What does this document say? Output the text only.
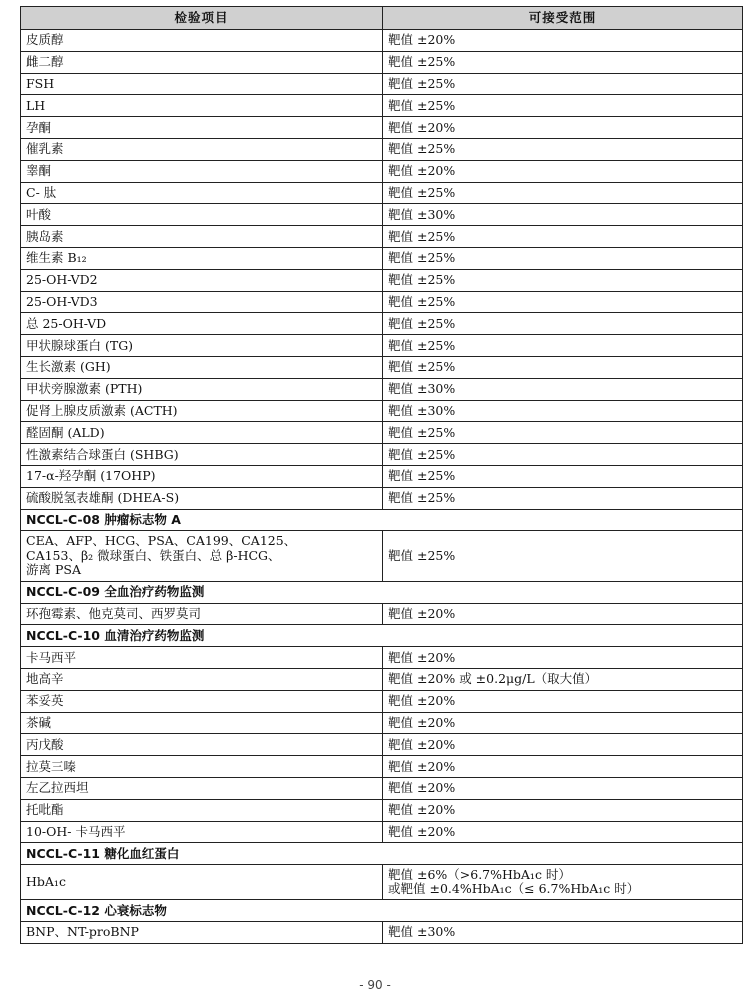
检验项目	可接受范围
皮质醇	靶值 ±20%
雌二醇	靶值 ±25%
FSH	靶值 ±25%
LH	靶值 ±25%
孕酮	靶值 ±20%
催乳素	靶值 ±25%
睾酮	靶值 ±20%
C- 肽	靶值 ±25%
叶酸	靶值 ±30%
胰岛素	靶值 ±25%
维生素 B₁₂	靶值 ±25%
25-OH-VD2	靶值 ±25%
25-OH-VD3	靶值 ±25%
总 25-OH-VD	靶值 ±25%
甲状腺球蛋白 (TG)	靶值 ±25%
生长激素 (GH)	靶值 ±25%
甲状旁腺激素 (PTH)	靶值 ±30%
促肾上腺皮质激素 (ACTH)	靶值 ±30%
醛固酮 (ALD)	靶值 ±25%
性激素结合球蛋白 (SHBG)	靶值 ±25%
17-α-羟孕酮 (17OHP)	靶值 ±25%
硫酸脱氢表雄酮 (DHEA-S)	靶值 ±25%
NCCL-C-08 肿瘤标志物 A	

CEA、AFP、HCG、PSA、CA199、CA125、
CA153、β₂ 微球蛋白、铁蛋白、总 β-HCG、
游离 PSA	靶值 ±25%
NCCL-C-09 全血治疗药物监测	
环孢霉素、他克莫司、西罗莫司	靶值 ±20%
NCCL-C-10 血清治疗药物监测	
卡马西平	靶值 ±20%
地高辛	靶值 ±20% 或 ±0.2μg/L（取大值）
苯妥英	靶值 ±20%
茶碱	靶值 ±20%
丙戊酸	靶值 ±20%
拉莫三嗪	靶值 ±20%
左乙拉西坦	靶值 ±20%
托吡酯	靶值 ±20%
10-OH- 卡马西平	靶值 ±20%
NCCL-C-11 糖化血红蛋白	
HbA₁c	靶值 ±6%（>6.7%HbA₁c 时）
或靶值 ±0.4%HbA₁c（≤ 6.7%HbA₁c 时）

NCCL-C-12 心衰标志物	
BNP、NT-proBNP	靶值 ±30%
- 90 -
